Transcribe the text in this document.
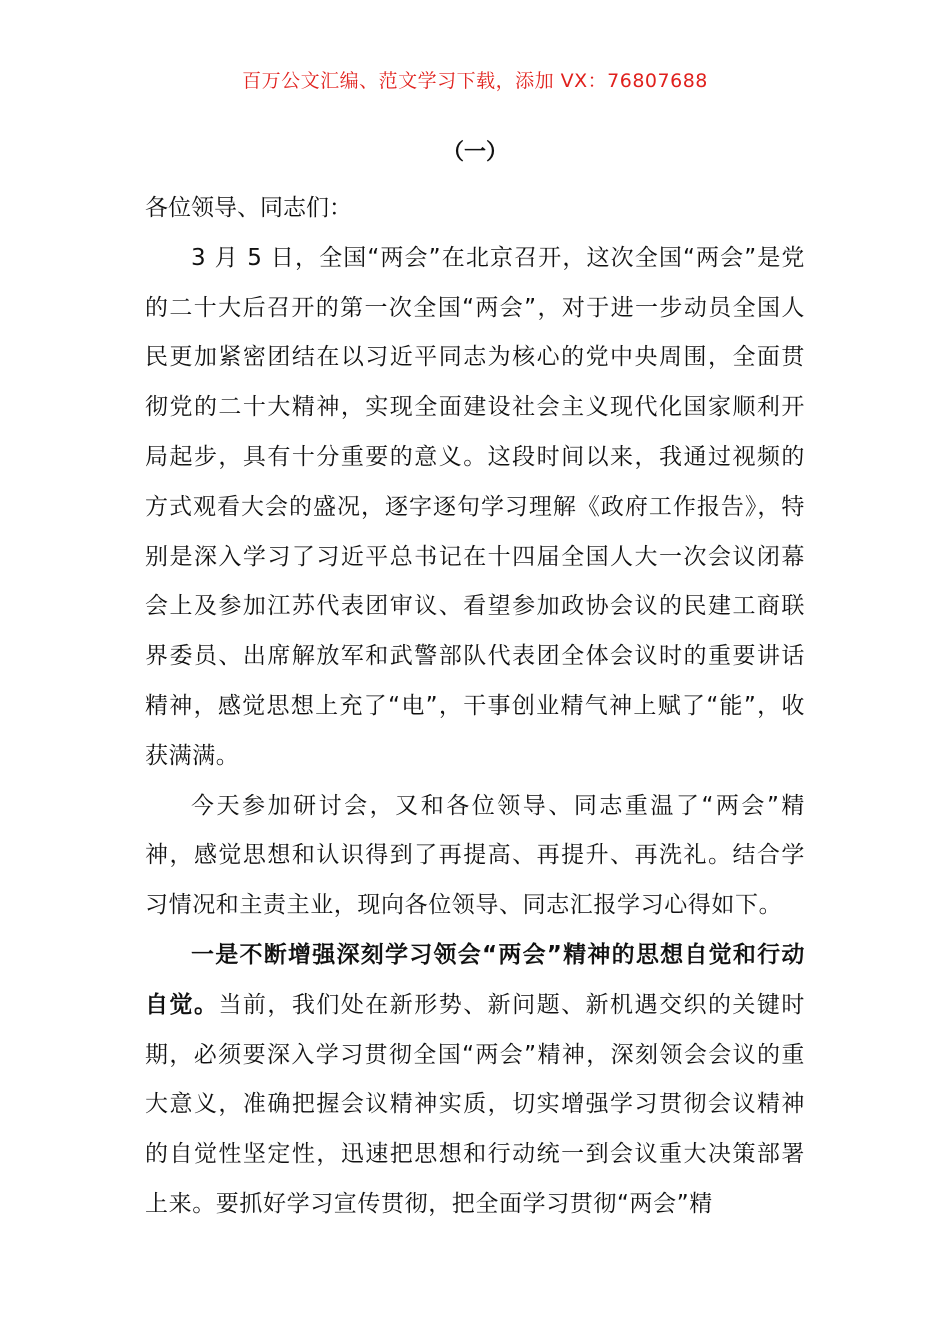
百万公文汇编、范文学习下载，添加 VX：76807688
（一）

各位领导、同志们：

3 月 5 日，全国“两会”在北京召开，这次全国“两会”是党的二十大后召开的第一次全国“两会”，对于进一步动员全国人民更加紧密团结在以习近平同志为核心的党中央周围，全面贯彻党的二十大精神，实现全面建设社会主义现代化国家顺利开局起步，具有十分重要的意义。这段时间以来，我通过视频的方式观看大会的盛况，逐字逐句学习理解《政府工作报告》，特别是深入学习了习近平总书记在十四届全国人大一次会议闭幕会上及参加江苏代表团审议、看望参加政协会议的民建工商联界委员、出席解放军和武警部队代表团全体会议时的重要讲话精神，感觉思想上充了“电”，干事创业精气神上赋了“能”，收获满满。

今天参加研讨会，又和各位领导、同志重温了“两会”精神，感觉思想和认识得到了再提高、再提升、再洗礼。结合学习情况和主责主业，现向各位领导、同志汇报学习心得如下。

一是不断增强深刻学习领会“两会”精神的思想自觉和行动自觉。当前，我们处在新形势、新问题、新机遇交织的关键时期，必须要深入学习贯彻全国“两会”精神，深刻领会会议的重大意义，准确把握会议精神实质，切实增强学习贯彻会议精神的自觉性坚定性，迅速把思想和行动统一到会议重大决策部署上来。要抓好学习宣传贯彻，把全面学习贯彻“两会”精
